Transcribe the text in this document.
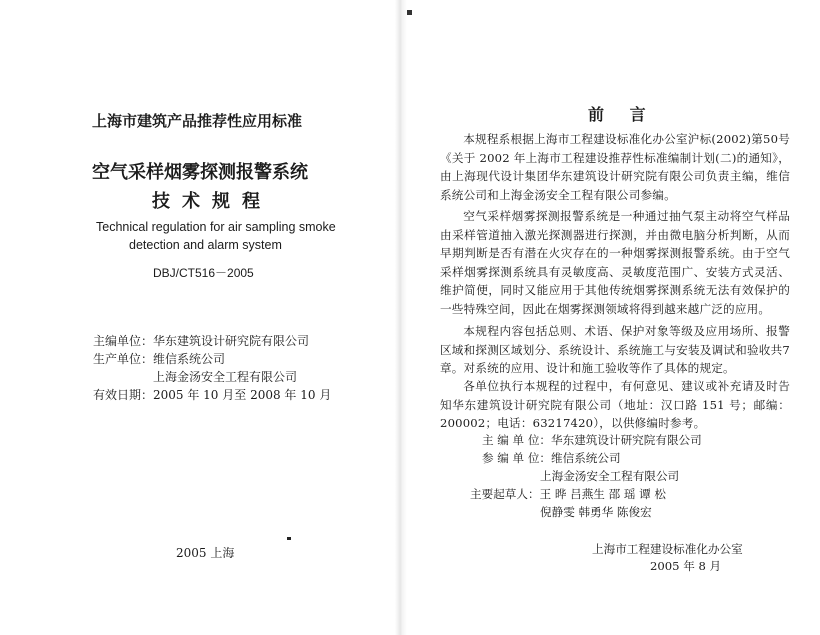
上海市建筑产品推荐性应用标准
空气采样烟雾探测报警系统
技术规程
Technical regulation for air sampling smoke
detection and alarm system
DBJ/CT516－2005
主编单位：华东建筑设计研究院有限公司
生产单位：维信系统公司
上海金汤安全工程有限公司
有效日期：2005 年 10 月至 2008 年 10 月
2005 上海
前 言
本规程系根据上海市工程建设标准化办公室沪标(2002)第50号《关于 2002 年上海市工程建设推荐性标准编制计划(二)的通知》，由上海现代设计集团华东建筑设计研究院有限公司负责主编，维信系统公司和上海金汤安全工程有限公司参编。
空气采样烟雾探测报警系统是一种通过抽气泵主动将空气样品由采样管道抽入激光探测器进行探测，并由微电脑分析判断，从而早期判断是否有潜在火灾存在的一种烟雾探测报警系统。由于空气采样烟雾探测系统具有灵敏度高、灵敏度范围广、安装方式灵活、维护简便，同时又能应用于其他传统烟雾探测系统无法有效保护的一些特殊空间，因此在烟雾探测领域将得到越来越广泛的应用。
本规程内容包括总则、术语、保护对象等级及应用场所、报警区域和探测区域划分、系统设计、系统施工与安装及调试和验收共7章。对系统的应用、设计和施工验收等作了具体的规定。
各单位执行本规程的过程中，有何意见、建议或补充请及时告知华东建筑设计研究院有限公司（地址：汉口路 151 号；邮编：200002；电话：63217420），以供修编时参考。
主 编 单 位：华东建筑设计研究院有限公司
参 编 单 位：维信系统公司
上海金汤安全工程有限公司
主要起草人：王 晔 吕燕生 邵 瑶 谭 松
倪静雯 韩勇华 陈俊宏
上海市工程建设标准化办公室
2005 年 8 月
